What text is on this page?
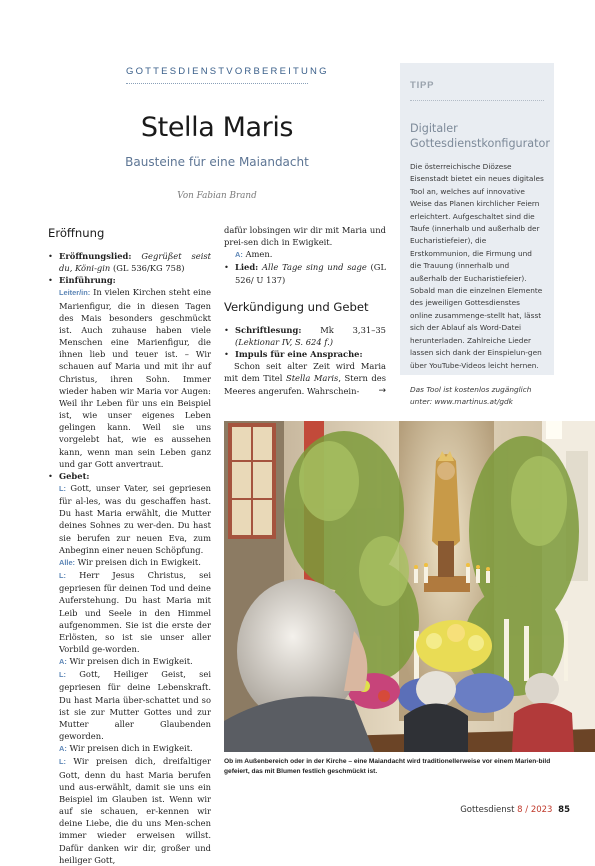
GOTTESDIENSTVORBEREITUNG
Stella Maris
Bausteine für eine Maiandacht
Von Fabian Brand
Eröffnung

• Eröffnungslied: Gegrüßet seist du, Köni-gin (GL 536/KG 758)

• Einführung:

Leiter/in: In vielen Kirchen steht eine Marienfigur, die in diesen Tagen des Mais besonders geschmückt ist. Auch zuhause haben viele Menschen eine Marienfigur, die ihnen lieb und teuer ist. – Wir schauen auf Maria und mit ihr auf Christus, ihren Sohn. Immer wieder haben wir Maria vor Augen: Weil ihr Leben für uns ein Beispiel ist, wie unser eigenes Leben gelingen kann. Weil sie uns vorgelebt hat, wie es aussehen kann, wenn man sein Leben ganz und gar Gott anvertraut.

• Gebet:

L: Gott, unser Vater, sei gepriesen für al-les, was du geschaffen hast. Du hast Maria erwählt, die Mutter deines Sohnes zu wer-den. Du hast sie berufen zur neuen Eva, zum Anbeginn einer neuen Schöpfung.

Alle: Wir preisen dich in Ewigkeit.

L: Herr Jesus Christus, sei gepriesen für deinen Tod und deine Auferstehung. Du hast Maria mit Leib und Seele in den Himmel aufgenommen. Sie ist die erste der Erlösten, so ist sie unser aller Vorbild ge-worden.

A: Wir preisen dich in Ewigkeit.

L: Gott, Heiliger Geist, sei gepriesen für deine Lebenskraft. Du hast Maria über-schattet und so ist sie zur Mutter Gottes und zur Mutter aller Glaubenden geworden.

A: Wir preisen dich in Ewigkeit.

L: Wir preisen dich, dreifaltiger Gott, denn du hast Maria berufen und aus-erwählt, damit sie uns ein Beispiel im Glauben ist. Wenn wir auf sie schauen, er-kennen wir deine Liebe, die du uns Men-schen immer wieder erweisen willst. Dafür danken wir dir, großer und heiliger Gott,

dafür lobsingen wir dir mit Maria und prei-sen dich in Ewigkeit.

A: Amen.

• Lied: Alle Tage sing und sage (GL 526/ U 137)

Verkündigung und Gebet

• Schriftlesung: Mk 3,31–35 (Lektionar IV, S. 624 f.)

• Impuls für eine Ansprache:

Schon seit alter Zeit wird Maria mit dem Titel Stella Maris, Stern des Meeres angerufen. Wahrschein-	→

TIPP
Digitaler Gottesdienstkonfigurator
Die österreichische Diözese Eisenstadt bietet ein neues digitales Tool an, welches auf innovative Weise das Planen kirchlicher Feiern erleichtert. Aufgeschaltet sind die Taufe (innerhalb und außerhalb der Eucharistiefeier), die Erstkommunion, die Firmung und die Trauung (innerhalb und außerhalb der Eucharistiefeier). Sobald man die einzelnen Elemente des jeweiligen Gottesdienstes online zusammenge-stellt hat, lässt sich der Ablauf als Word-Datei herunterladen. Zahlreiche Lieder lassen sich dank der Einspielun-gen über YouTube-Videos leicht hernen.
Das Tool ist kostenlos zugänglich unter: www.martinus.at/gdk
Ob im Außenbereich oder in der Kirche – eine Maiandacht wird traditionellerweise vor einem Marien-bild gefeiert, das mit Blumen festlich geschmückt ist.
Gottesdienst 8 / 2023 85
